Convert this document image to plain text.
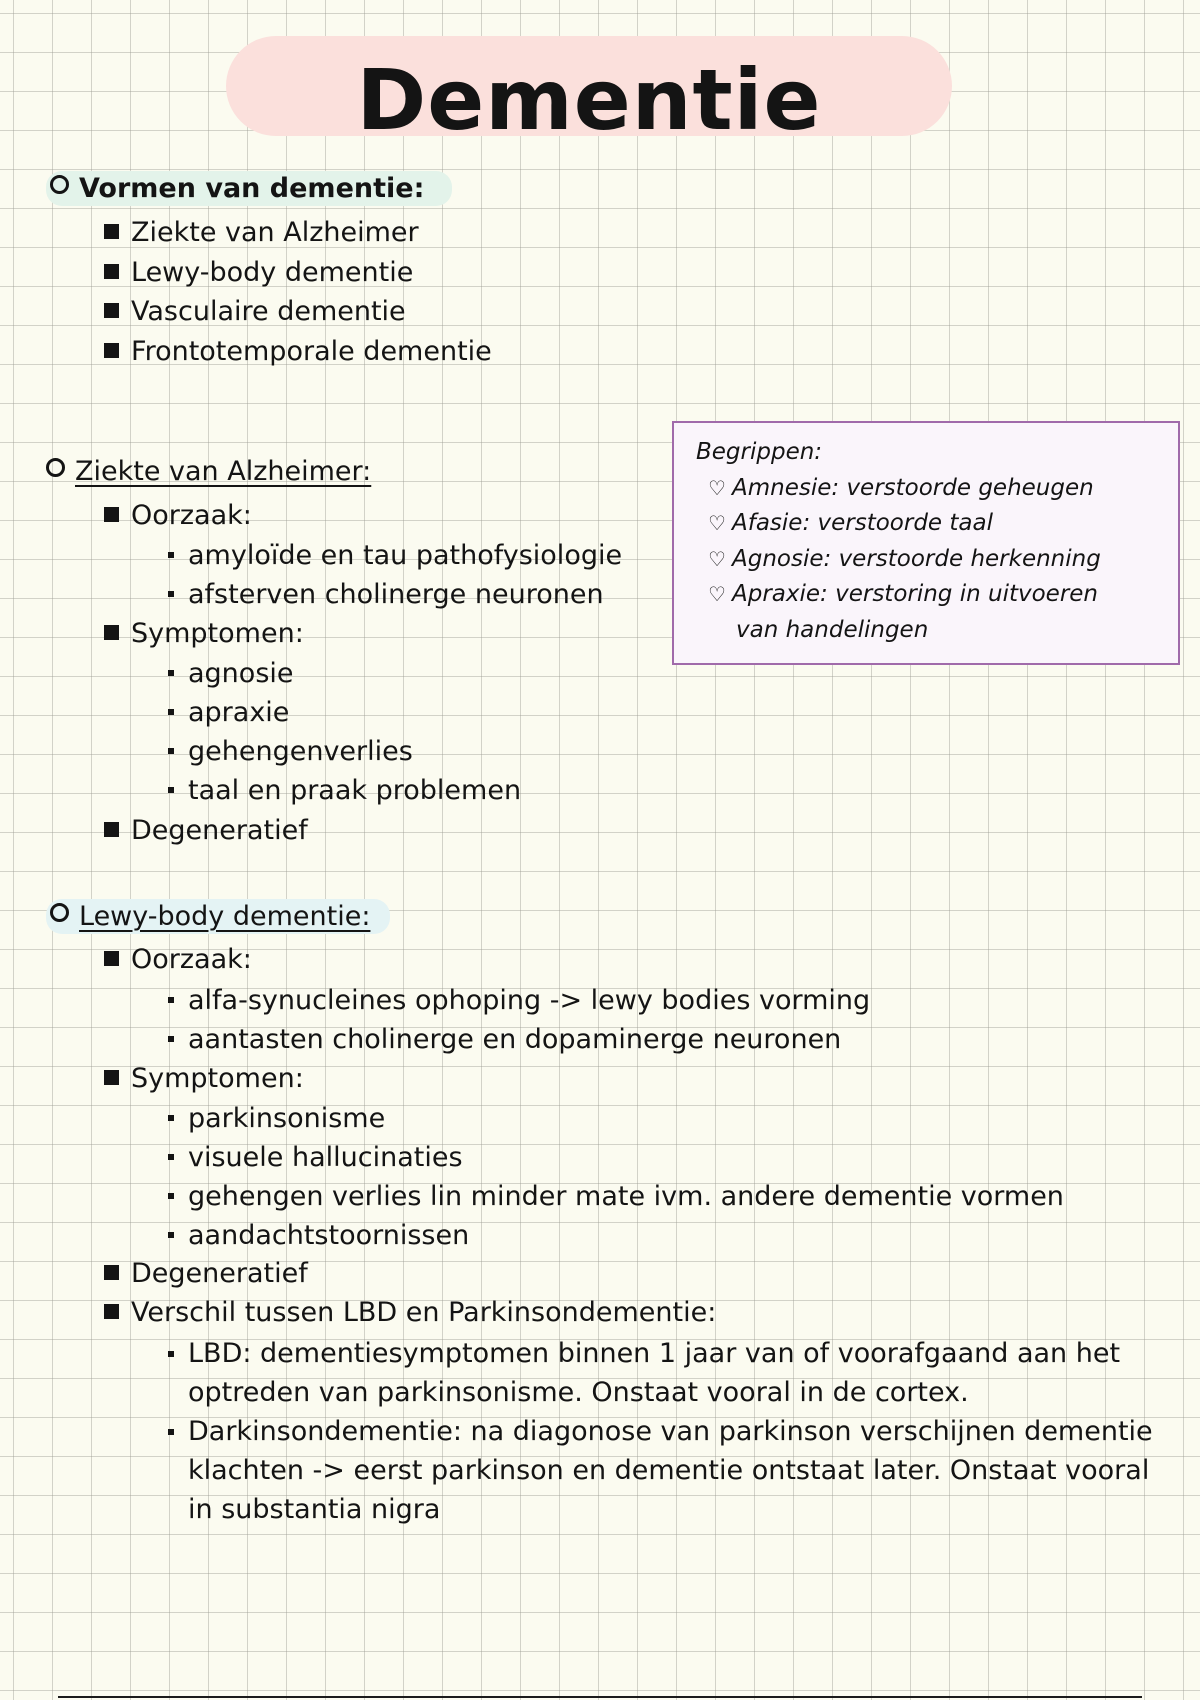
Dementie
Vormen van dementie:
Ziekte van Alzheimer
Lewy-body dementie
Vasculaire dementie
Frontotemporale dementie
Begrippen:
♡ Amnesie: verstoorde geheugen
♡ Afasie: verstoorde taal
♡ Agnosie: verstoorde herkenning
♡ Apraxie: verstoring in uitvoeren
van handelingen
Ziekte van Alzheimer:
Oorzaak:
amyloïde en tau pathofysiologie
afsterven cholinerge neuronen
Symptomen:
agnosie
apraxie
gehengenverlies
taal en praak problemen
Degeneratief
Lewy-body dementie:
Oorzaak:
alfa-synucleines ophoping -> lewy bodies vorming
aantasten cholinerge en dopaminerge neuronen
Symptomen:
parkinsonisme
visuele hallucinaties
gehengen verlies lin minder mate ivm. andere dementie vormen
aandachtstoornissen
Degeneratief
Verschil tussen LBD en Parkinsondementie:
LBD: dementiesymptomen binnen 1 jaar van of voorafgaand aan het optreden van parkinsonisme. Onstaat vooral in de cortex.
Darkinsondementie: na diagonose van parkinson verschijnen dementie klachten -> eerst parkinson en dementie ontstaat later. Onstaat vooral in substantia nigra
